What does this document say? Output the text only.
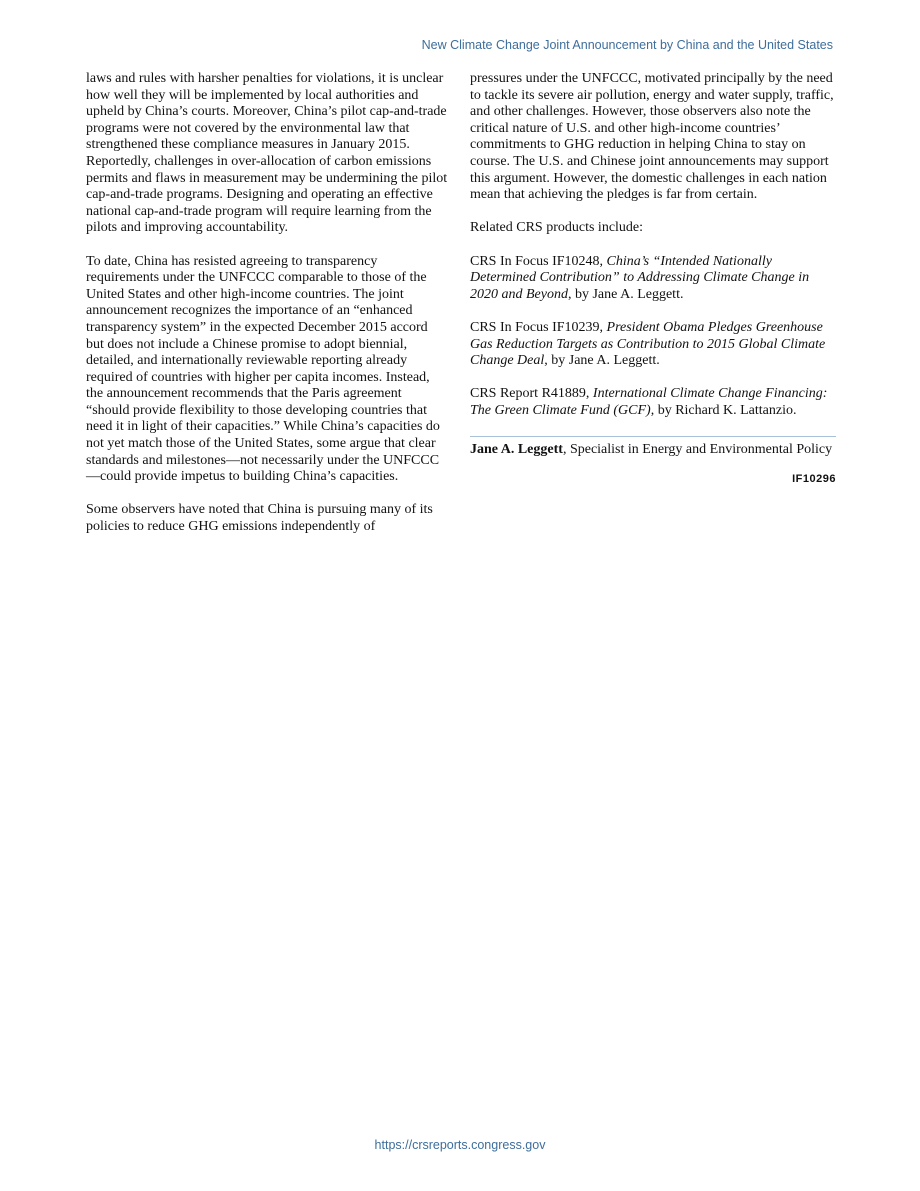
New Climate Change Joint Announcement by China and the United States

laws and rules with harsher penalties for violations, it is unclear how well they will be implemented by local authorities and upheld by China’s courts. Moreover, China’s pilot cap-and-trade programs were not covered by the environmental law that strengthened these compliance measures in January 2015. Reportedly, challenges in over-allocation of carbon emissions permits and flaws in measurement may be undermining the pilot cap-and-trade programs. Designing and operating an effective national cap-and-trade program will require learning from the pilots and improving accountability.

To date, China has resisted agreeing to transparency requirements under the UNFCCC comparable to those of the United States and other high-income countries. The joint announcement recognizes the importance of an “enhanced transparency system” in the expected December 2015 accord but does not include a Chinese promise to adopt biennial, detailed, and internationally reviewable reporting already required of countries with higher per capita incomes. Instead, the announcement recommends that the Paris agreement “should provide flexibility to those developing countries that need it in light of their capacities.” While China’s capacities do not yet match those of the United States, some argue that clear standards and milestones—not necessarily under the UNFCCC—could provide impetus to building China’s capacities.

Some observers have noted that China is pursuing many of its policies to reduce GHG emissions independently of

pressures under the UNFCCC, motivated principally by the need to tackle its severe air pollution, energy and water supply, traffic, and other challenges. However, those observers also note the critical nature of U.S. and other high-income countries’ commitments to GHG reduction in helping China to stay on course. The U.S. and Chinese joint announcements may support this argument. However, the domestic challenges in each nation mean that achieving the pledges is far from certain.

Related CRS products include:

CRS In Focus IF10248, China’s “Intended Nationally Determined Contribution” to Addressing Climate Change in 2020 and Beyond, by Jane A. Leggett.

CRS In Focus IF10239, President Obama Pledges Greenhouse Gas Reduction Targets as Contribution to 2015 Global Climate Change Deal, by Jane A. Leggett.

CRS Report R41889, International Climate Change Financing: The Green Climate Fund (GCF), by Richard K. Lattanzio.

Jane A. Leggett, Specialist in Energy and Environmental Policy

IF10296
https://crsreports.congress.gov
